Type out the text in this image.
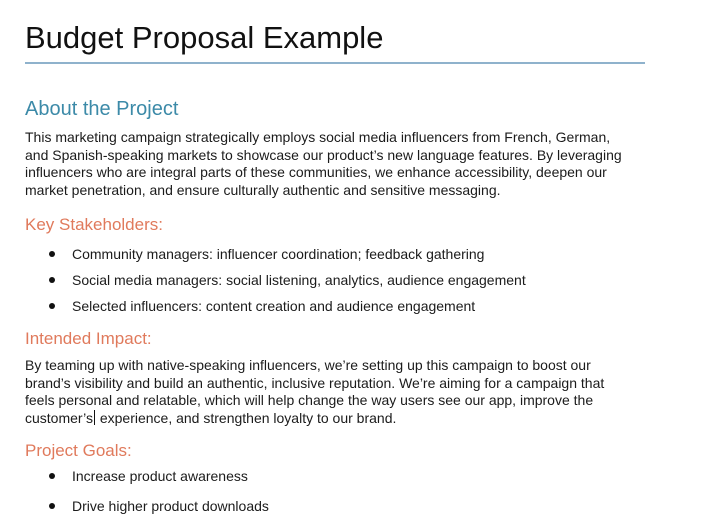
Budget Proposal Example
About the Project
This marketing campaign strategically employs social media influencers from French, German,
and Spanish-speaking markets to showcase our product’s new language features. By leveraging
influencers who are integral parts of these communities, we enhance accessibility, deepen our
market penetration, and ensure culturally authentic and sensitive messaging.
Key Stakeholders:
Community managers: influencer coordination; feedback gathering
Social media managers: social listening, analytics, audience engagement
Selected influencers: content creation and audience engagement
Intended Impact:
By teaming up with native-speaking influencers, we’re setting up this campaign to boost our
brand’s visibility and build an authentic, inclusive reputation. We’re aiming for a campaign that
feels personal and relatable, which will help change the way users see our app, improve the
customer’s experience, and strengthen loyalty to our brand.
Project Goals:
Increase product awareness
Drive higher product downloads
